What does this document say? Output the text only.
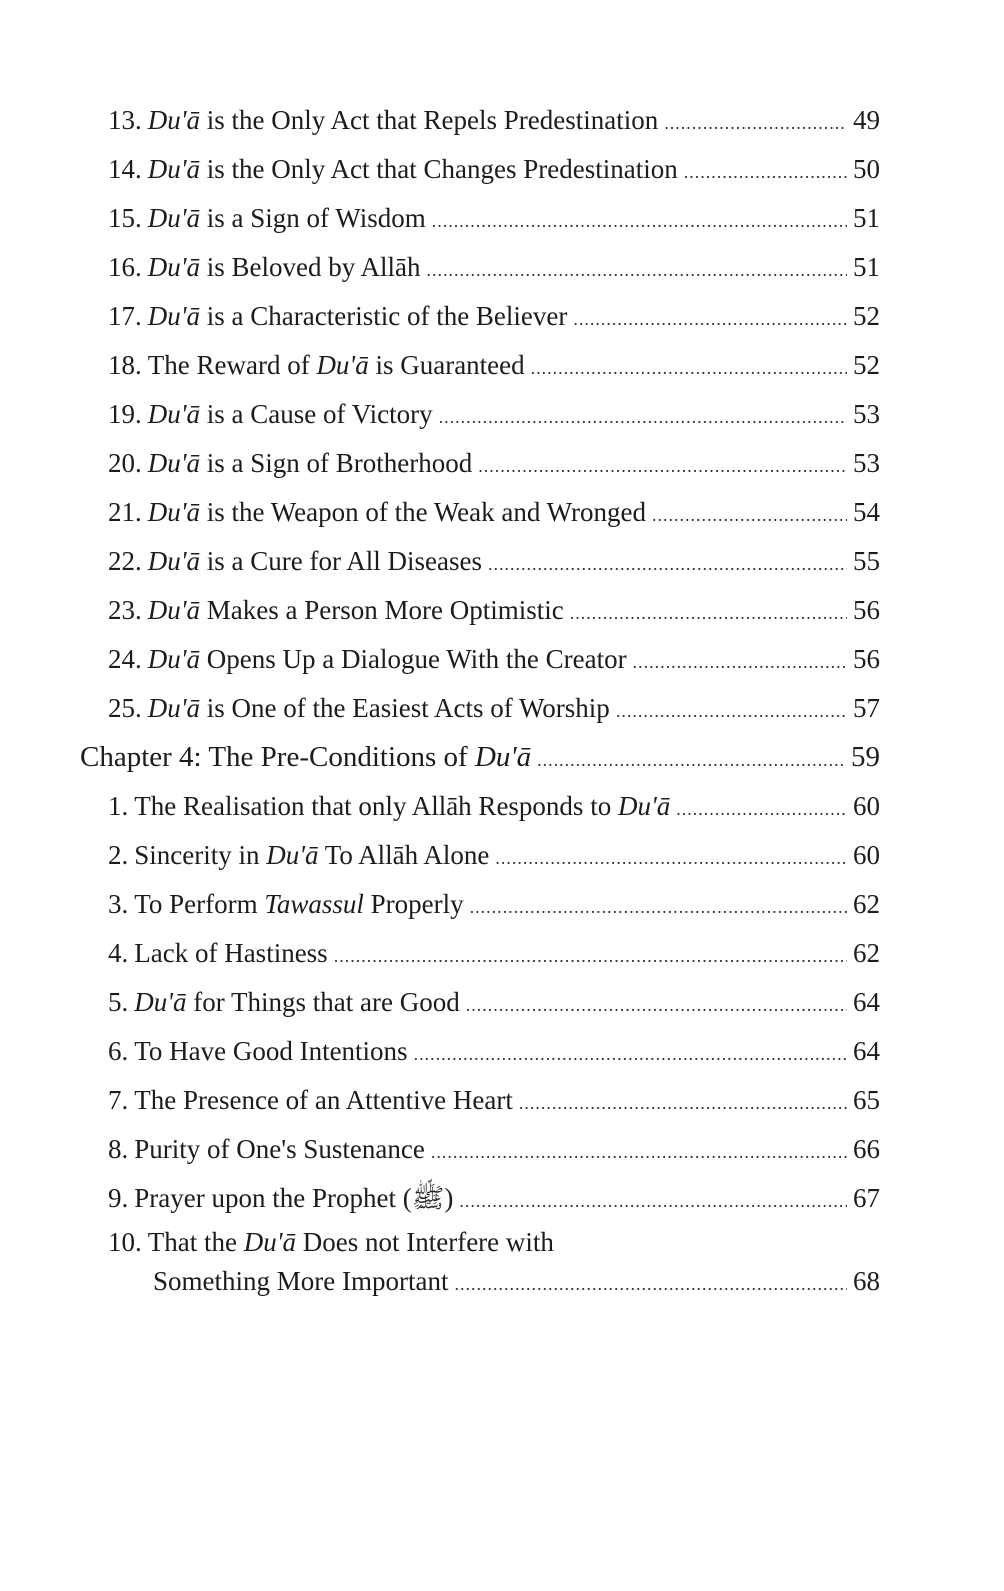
13. Du'ā is the Only Act that Repels Predestination .....	49
14. Du'ā is the Only Act that Changes Predestination .....	50
15. Du'ā is a Sign of Wisdom .....	51
16. Du'ā is Beloved by Allāh .....	51
17. Du'ā is a Characteristic of the Believer .....	52
18. The Reward of Du'ā is Guaranteed .....	52
19. Du'ā is a Cause of Victory .....	53
20. Du'ā is a Sign of Brotherhood .....	53
21. Du'ā is the Weapon of the Weak and Wronged .....	54
22. Du'ā is a Cure for All Diseases .....	55
23. Du'ā Makes a Person More Optimistic .....	56
24. Du'ā Opens Up a Dialogue With the Creator .....	56
25. Du'ā is One of the Easiest Acts of Worship .....	57
Chapter 4: The Pre-Conditions of Du'ā .....	59
1. The Realisation that only Allāh Responds to Du'ā .....	60
2. Sincerity in Du'ā To Allāh Alone .....	60
3. To Perform Tawassul Properly .....	62
4. Lack of Hastiness .....	62
5. Du'ā for Things that are Good .....	64
6. To Have Good Intentions .....	64
7. The Presence of an Attentive Heart .....	65
8. Purity of One's Sustenance .....	66
9. Prayer upon the Prophet (ﷺ) .....	67
10. That the Du'ā Does not Interfere with
Something More Important .....	68
